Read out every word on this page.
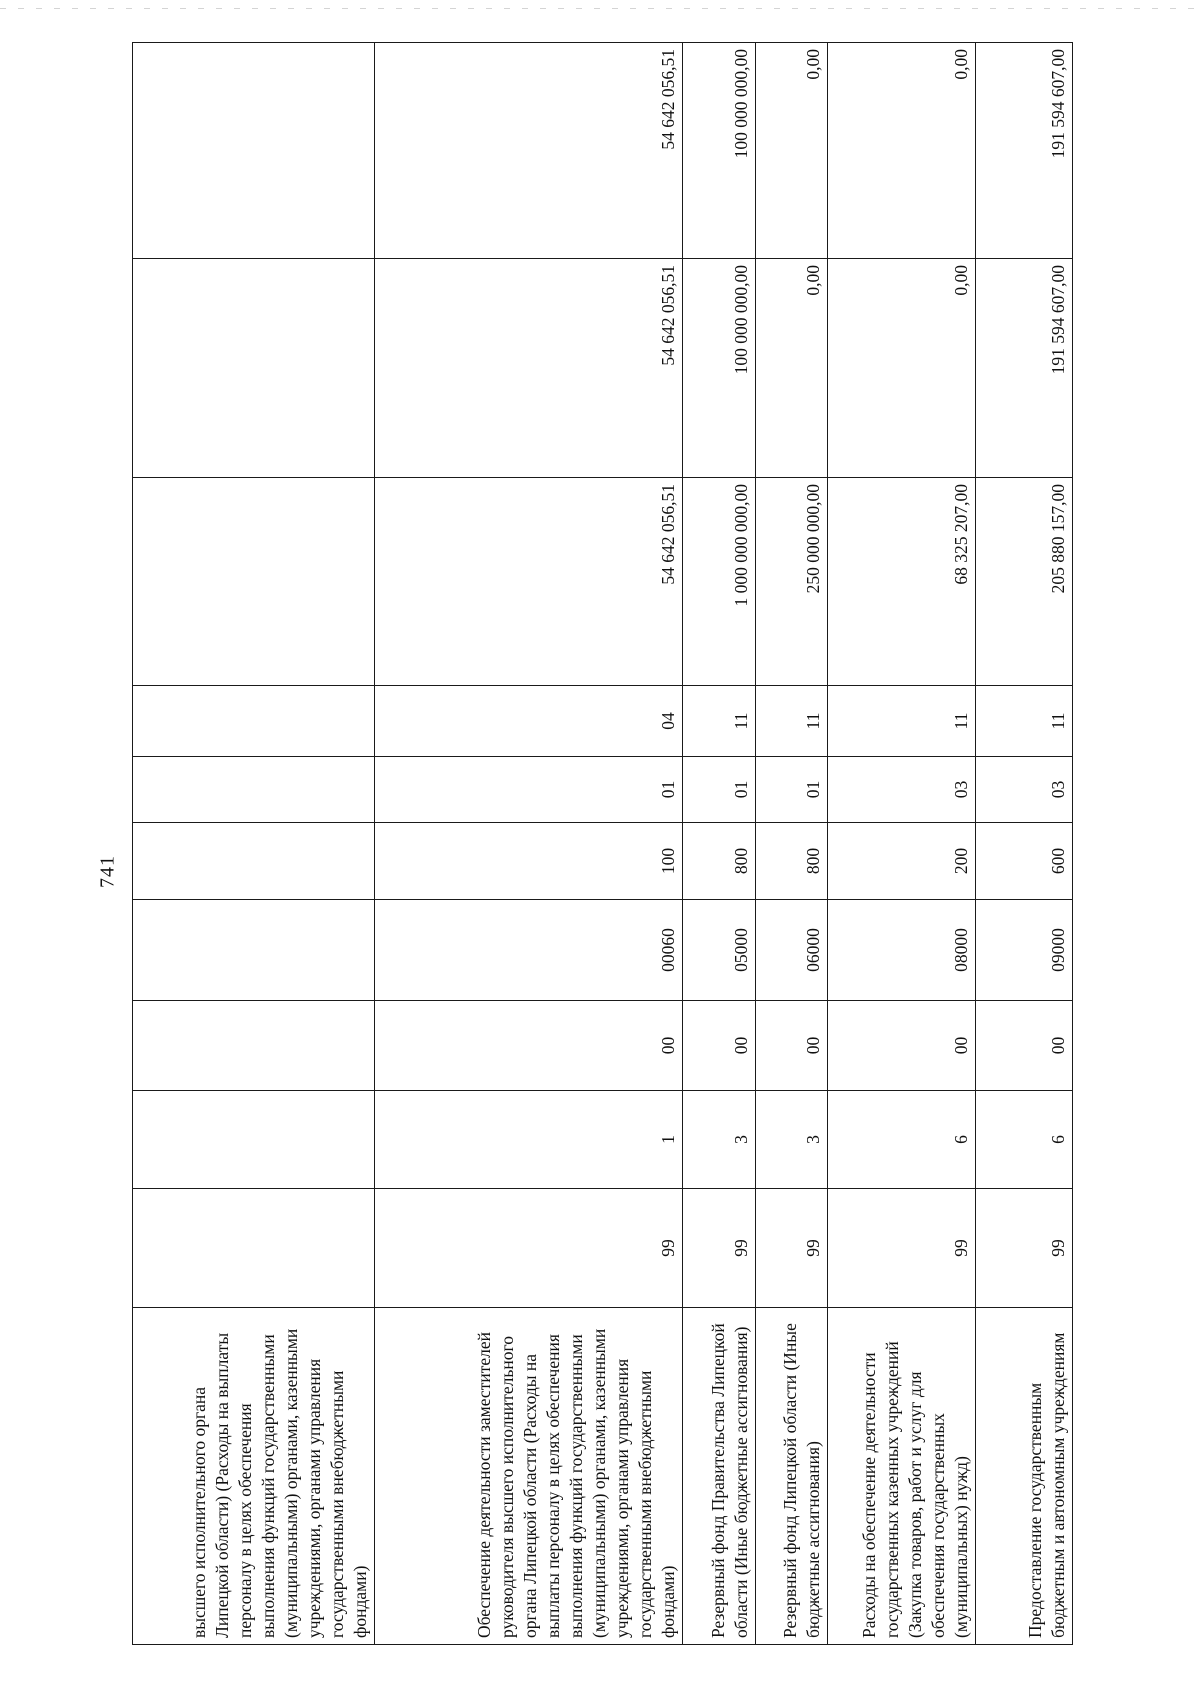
741
высшего исполнительного органа Липецкой области) (Расходы на выплаты персоналу в целях обеспечения выполнения функций государственными (муниципальными) органами, казенными учреждениями, органами управления государственными внебюджетными фондами)										
Обеспечение деятельности заместителей руководителя высшего исполнительного органа Липецкой области (Расходы на выплаты персоналу в целях обеспечения выполнения функций государственными (муниципальными) органами, казенными учреждениями, органами управления государственными внебюджетными фондами)	99	1	00	00060	100	01	04	54 642 056,51	54 642 056,51	54 642 056,51
Резервный фонд Правительства Липецкой области (Иные бюджетные ассигнования)	99	3	00	05000	800	01	11	1 000 000 000,00	100 000 000,00	100 000 000,00
Резервный фонд Липецкой области (Иные бюджетные ассигнования)	99	3	00	06000	800	01	11	250 000 000,00	0,00	0,00
Расходы на обеспечение деятельности государственных казенных учреждений (Закупка товаров, работ и услуг для обеспечения государственных (муниципальных) нужд)	99	6	00	08000	200	03	11	68 325 207,00	0,00	0,00
Предоставление государственным бюджетным и автономным учреждениям	99	6	00	09000	600	03	11	205 880 157,00	191 594 607,00	191 594 607,00
